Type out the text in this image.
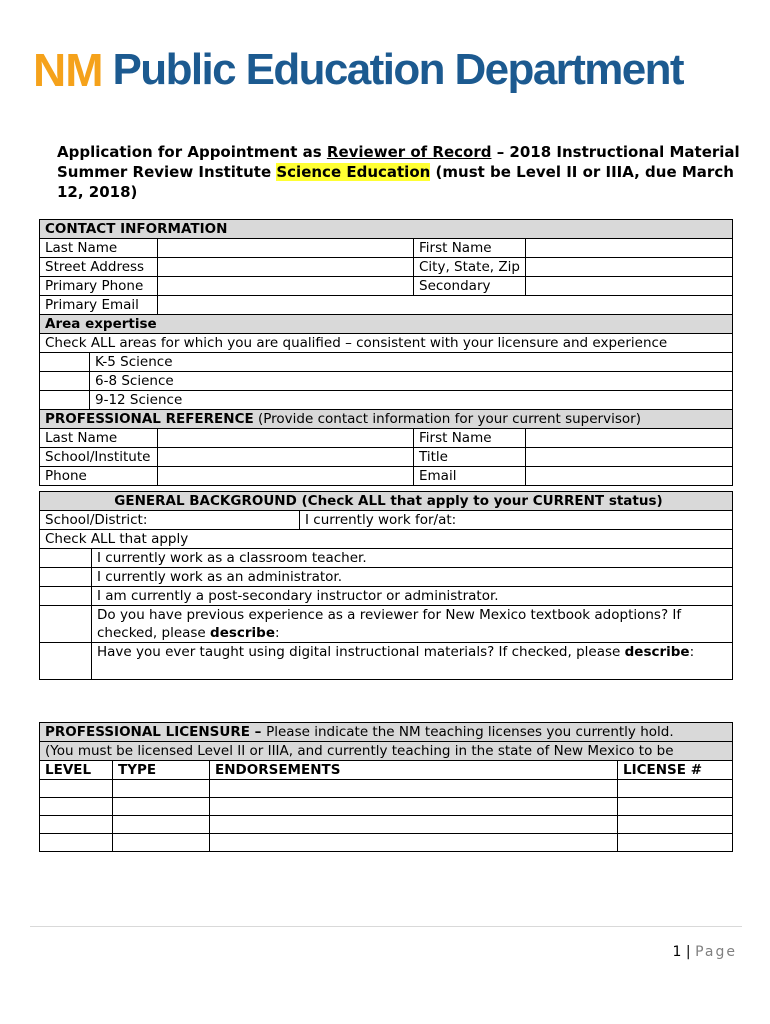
NM Public Education Department
Application for Appointment as Reviewer of Record – 2018 Instructional Material Summer Review Institute Science Education (must be Level II or IIIA, due March 12, 2018)
CONTACT INFORMATION				
Last Name			First Name	
Street Address			City, State, Zip	
Primary Phone			Secondary	
Primary Email				
Area expertise				
Check ALL areas for which you are qualified – consistent with your licensure and experience				
	K-5 Science			
	6-8 Science			
	9-12 Science			
PROFESSIONAL REFERENCE (Provide contact information for your current supervisor)				
Last Name			First Name	
School/Institute			Title	
Phone			Email	
GENERAL BACKGROUND (Check ALL that apply to your CURRENT status)		
School/District:		I currently work for/at:
Check ALL that apply		
	I currently work as a classroom teacher.	
	I currently work as an administrator.	
	I am currently a post-secondary instructor or administrator.	
	Do you have previous experience as a reviewer for New Mexico textbook adoptions? If checked, please describe:	
	Have you ever taught using digital instructional materials? If checked, please describe:	
PROFESSIONAL LICENSURE – Please indicate the NM teaching licenses you currently hold.			
(You must be licensed Level II or IIIA, and currently teaching in the state of New Mexico to be			
LEVEL	TYPE	ENDORSEMENTS	LICENSE #

1 | Page
